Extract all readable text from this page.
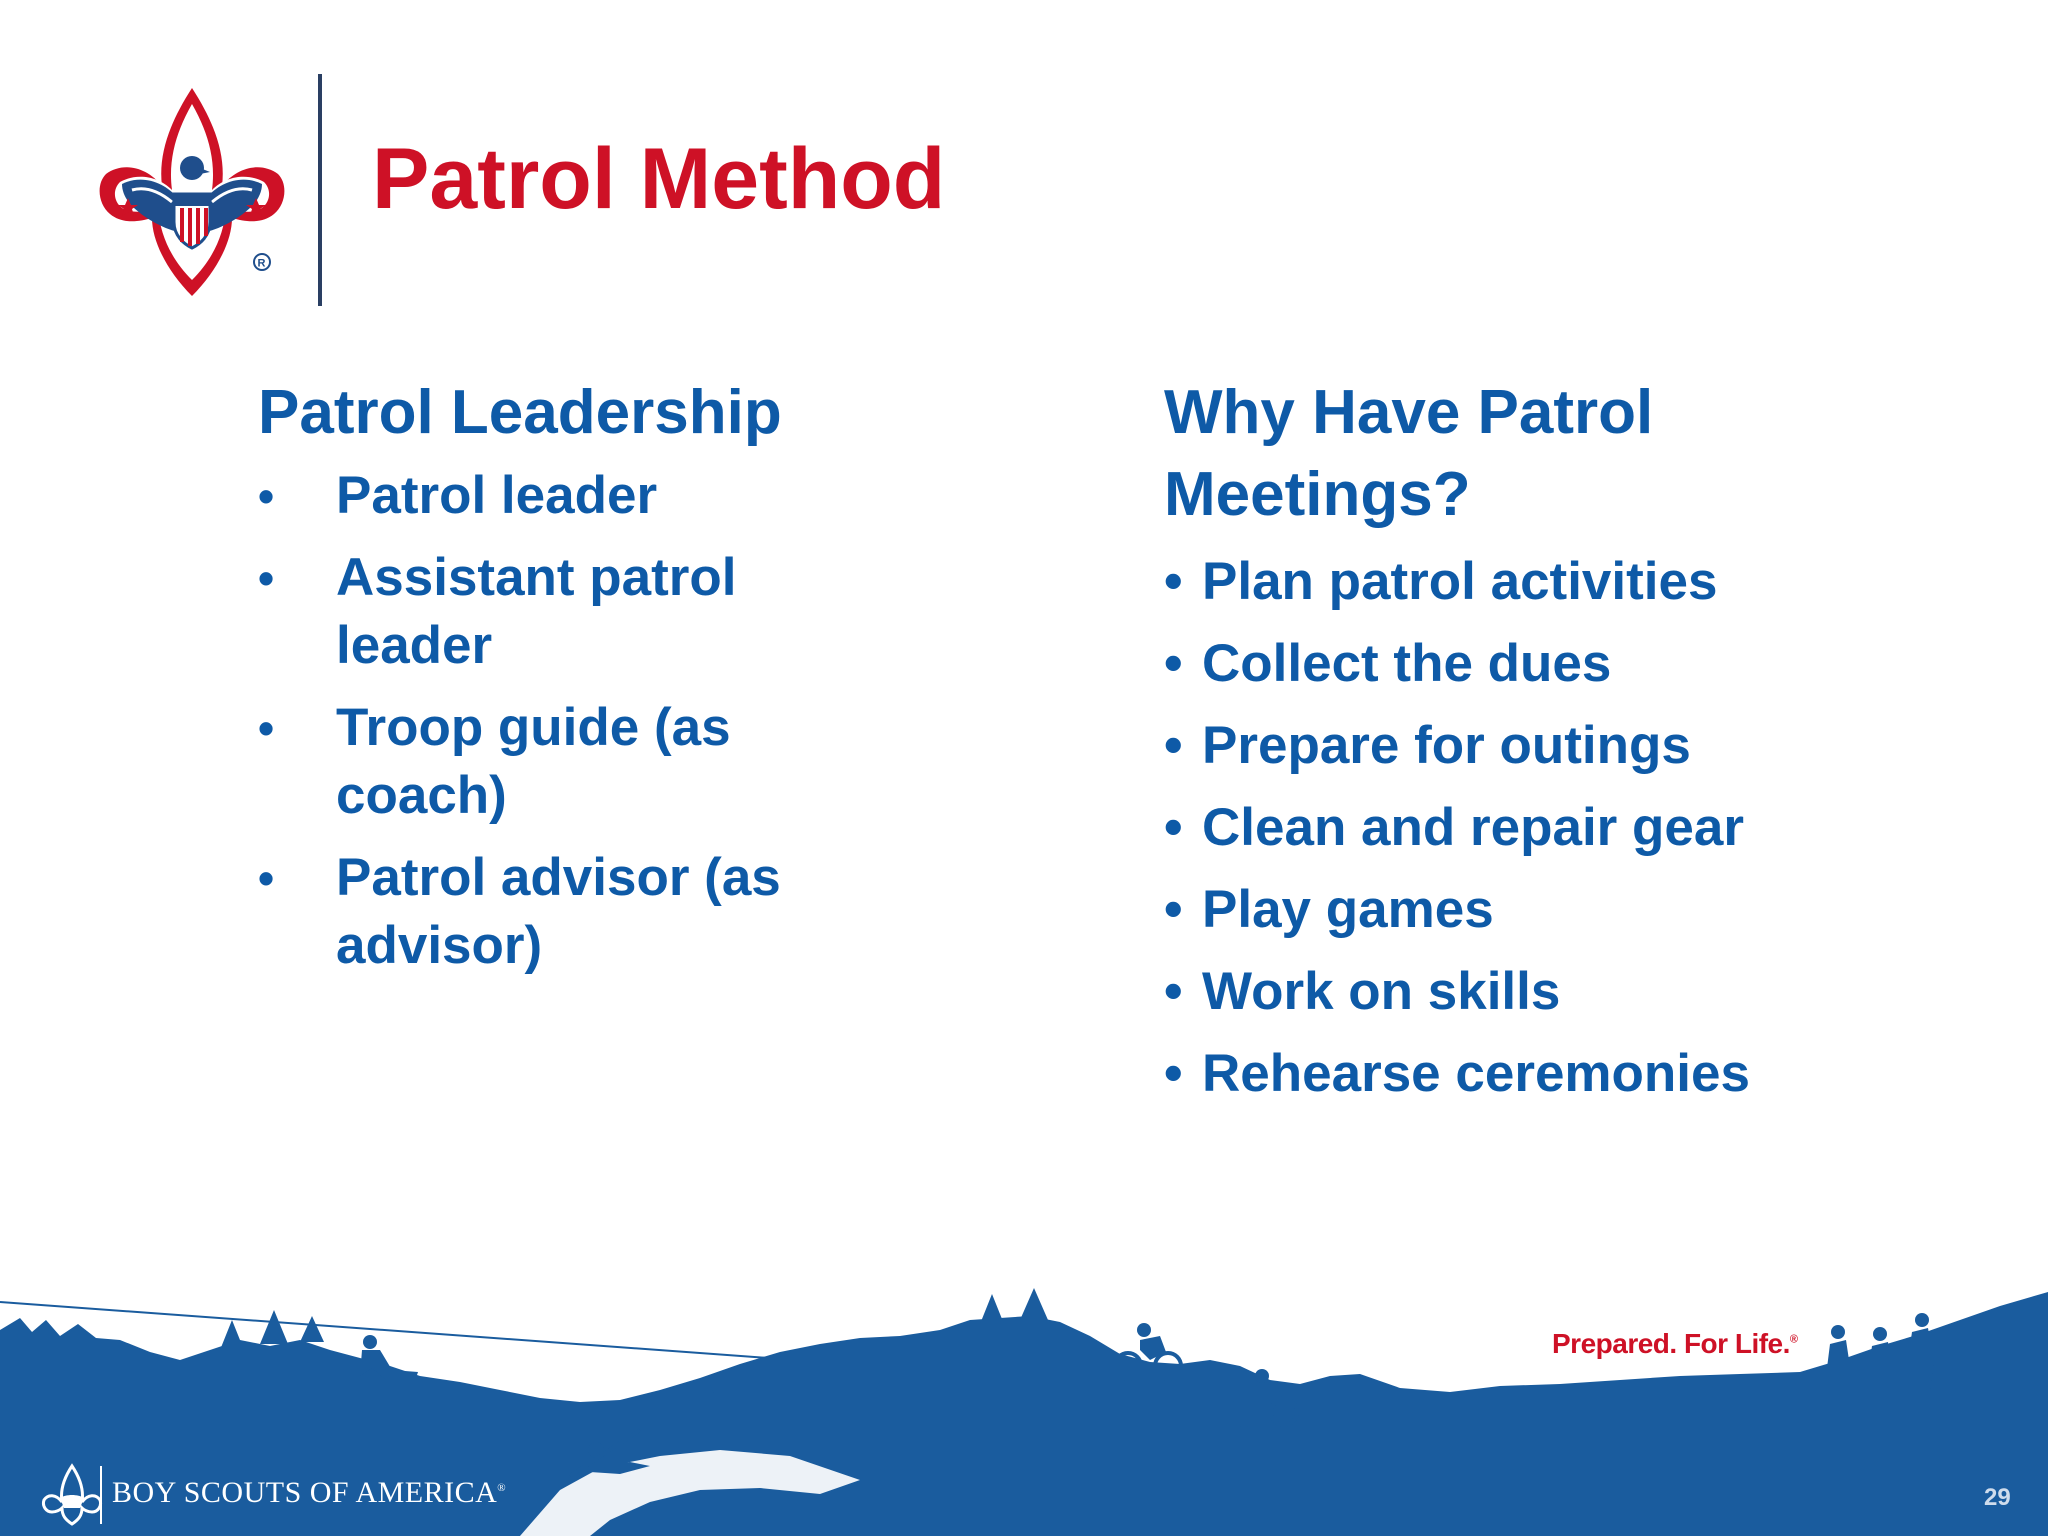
R
Patrol Method
Patrol Leadership
• Patrol leader
• Assistant patrol leader
• Troop guide (as coach)
• Patrol advisor (as advisor)
Why Have Patrol
Meetings?
• Plan patrol activities
• Collect the dues
• Prepare for outings
• Clean and repair gear
• Play games
• Work on skills
• Rehearse ceremonies
Prepared. For Life.®
BOY SCOUTS OF AMERICA®	29
